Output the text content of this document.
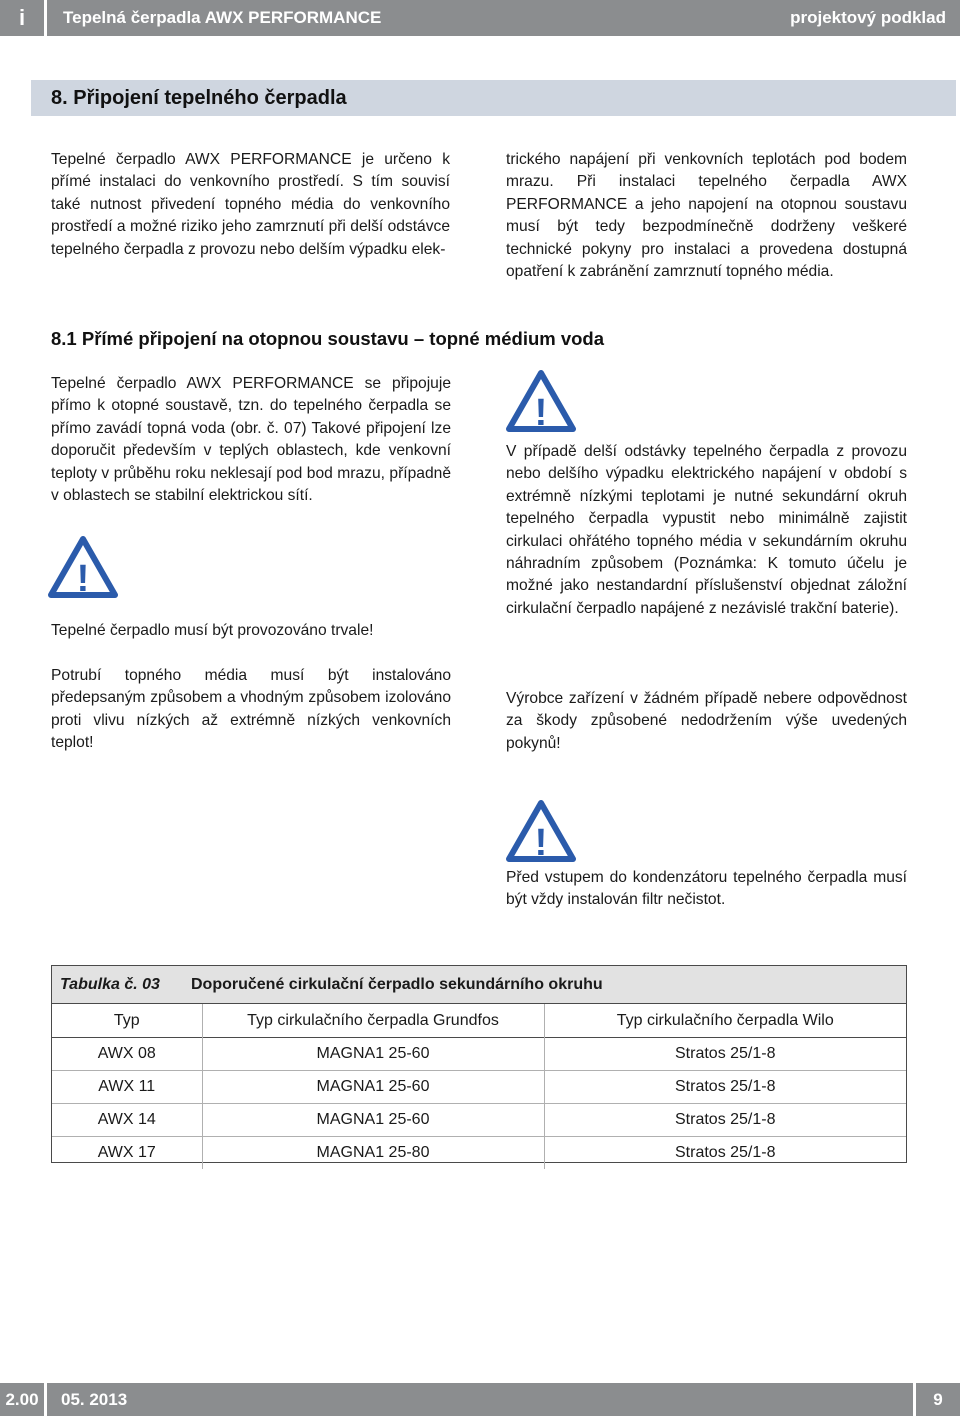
i	Tepelná čerpadla AWX PERFORMANCE	projektový podklad
8. Připojení tepelného čerpadla
Tepelné čerpadlo AWX PERFORMANCE je určeno k přímé instalaci do venkovního prostředí. S tím souvisí také nutnost přivedení topného média do venkovního prostředí a možné riziko jeho zamrznutí při delší odstávce tepelného čerpadla z provozu nebo delším výpadku elek-
trického napájení při venkovních teplotách pod bodem mrazu. Při instalaci tepelného čerpadla AWX PERFORMANCE a jeho napojení na otopnou soustavu musí být tedy bezpodmínečně dodrženy veškeré technické pokyny pro instalaci a provedena dostupná opatření k zabránění zamrznutí topného média.
8.1 Přímé připojení na otopnou soustavu – topné médium voda
Tepelné čerpadlo AWX PERFORMANCE se připojuje přímo k otopné soustavě, tzn. do tepelného čerpadla se přímo zavádí topná voda (obr. č. 07) Takové připojení lze doporučit především v teplých oblastech, kde venkovní teploty v průběhu roku neklesají pod bod mrazu, případně v oblastech se stabilní elektrickou sítí.
!
Tepelné čerpadlo musí být provozováno trvale!
Potrubí topného média musí být instalováno předepsaným způsobem a vhodným způsobem izolováno proti vlivu nízkých až extrémně nízkých venkovních teplot!
!
V případě delší odstávky tepelného čerpadla z provozu nebo delšího výpadku elektrického napájení v období s extrémně nízkými teplotami je nutné sekundární okruh tepelného čerpadla vypustit nebo minimálně zajistit cirkulaci ohřátého topného média v sekundárním okruhu náhradním způsobem (Poznámka: K tomuto účelu je možné jako nestandardní příslušenství objednat záložní cirkulační čerpadlo napájené z nezávislé trakční baterie).
Výrobce zařízení v žádném případě nebere odpovědnost za škody způsobené nedodržením výše uvedených pokynů!
!
Před vstupem do kondenzátoru tepelného čerpadla musí být vždy instalován filtr nečistot.
Tabulka č. 03 Doporučené cirkulační čerpadlo sekundárního okruhu
Typ	Typ cirkulačního čerpadla Grundfos	Typ cirkulačního čerpadla Wilo
AWX 08	MAGNA1 25-60	Stratos 25/1-8
AWX 11	MAGNA1 25-60	Stratos 25/1-8
AWX 14	MAGNA1 25-60	Stratos 25/1-8
AWX 17	MAGNA1 25-80	Stratos 25/1-8
2.00	05. 2013	9
